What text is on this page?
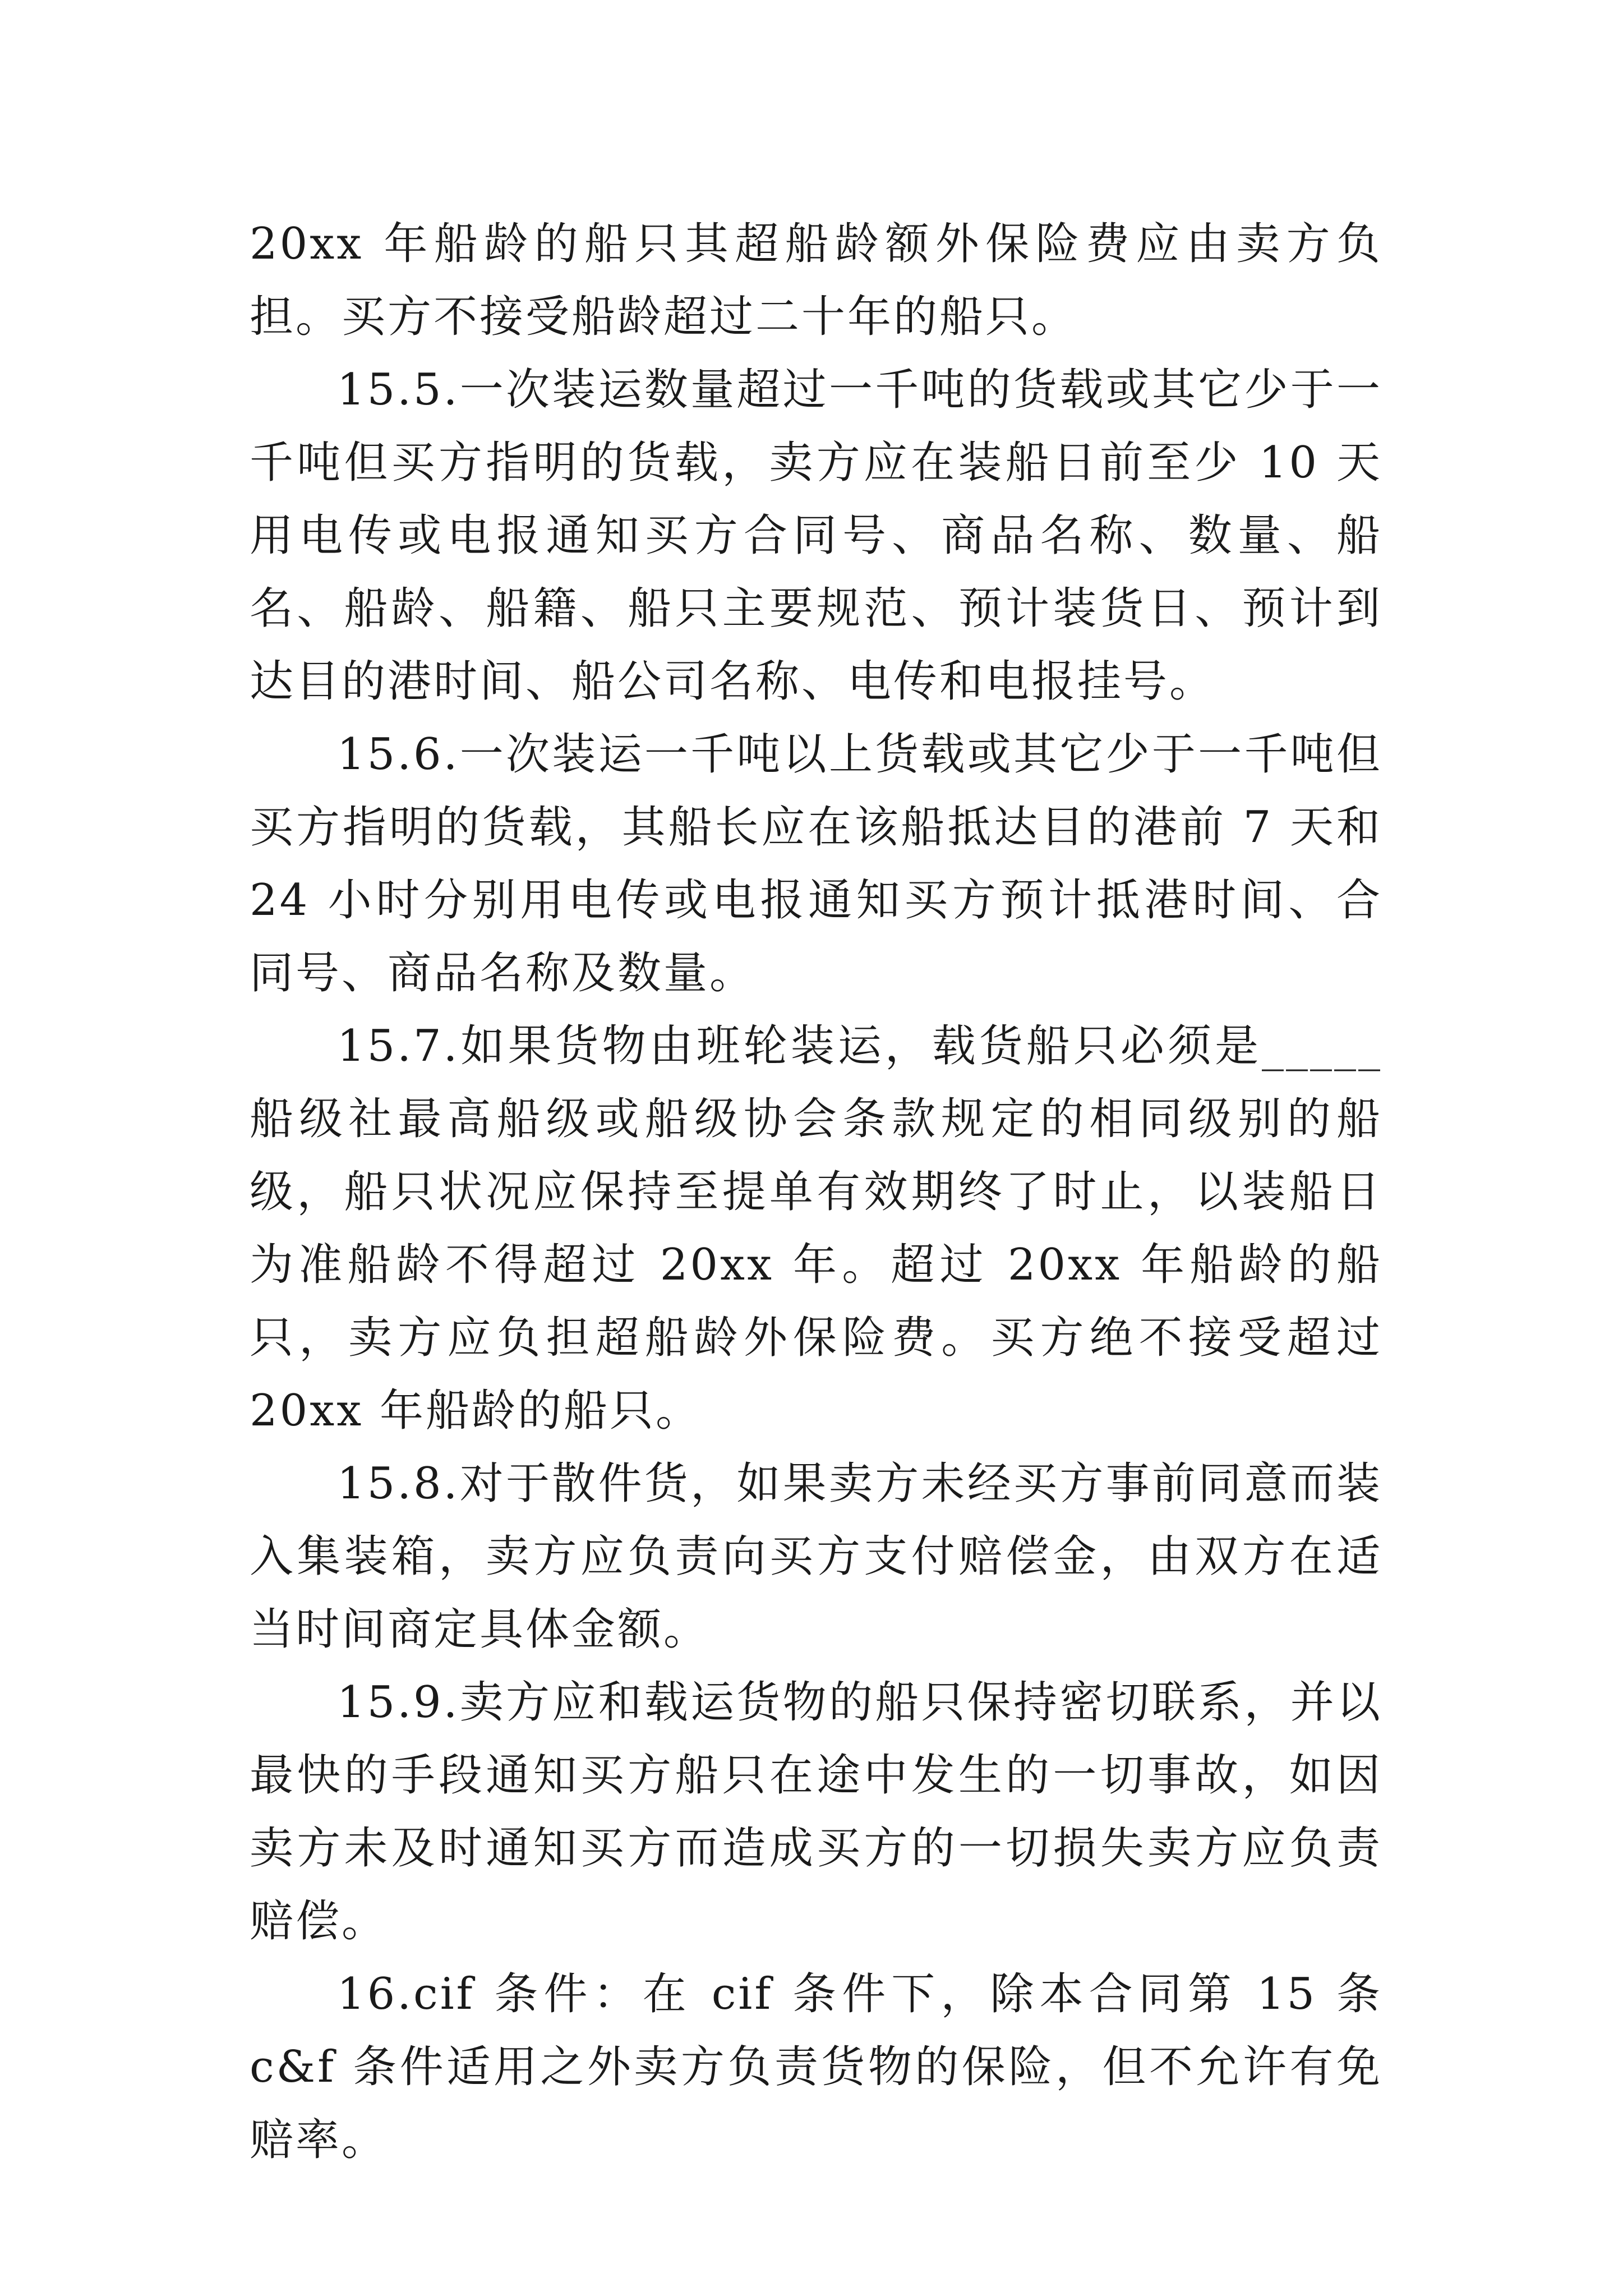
20xx 年船龄的船只其超船龄额外保险费应由卖方负担。买方不接受船龄超过二十年的船只。

15.5.一次装运数量超过一千吨的货载或其它少于一千吨但买方指明的货载，卖方应在装船日前至少 10 天用电传或电报通知买方合同号、商品名称、数量、船名、船龄、船籍、船只主要规范、预计装货日、预计到达目的港时间、船公司名称、电传和电报挂号。

15.6.一次装运一千吨以上货载或其它少于一千吨但买方指明的货载，其船长应在该船抵达目的港前 7 天和 24 小时分别用电传或电报通知买方预计抵港时间、合同号、商品名称及数量。

15.7.如果货物由班轮装运，载货船只必须是_____船级社最高船级或船级协会条款规定的相同级别的船级，船只状况应保持至提单有效期终了时止，以装船日为准船龄不得超过 20xx 年。超过 20xx 年船龄的船只，卖方应负担超船龄外保险费。买方绝不接受超过 20xx 年船龄的船只。

15.8.对于散件货，如果卖方未经买方事前同意而装入集装箱，卖方应负责向买方支付赔偿金，由双方在适当时间商定具体金额。

15.9.卖方应和载运货物的船只保持密切联系，并以最快的手段通知买方船只在途中发生的一切事故，如因卖方未及时通知买方而造成买方的一切损失卖方应负责赔偿。

16.cif 条件：在 cif 条件下，除本合同第 15 条 c&f 条件适用之外卖方负责货物的保险，但不允许有免赔率。
